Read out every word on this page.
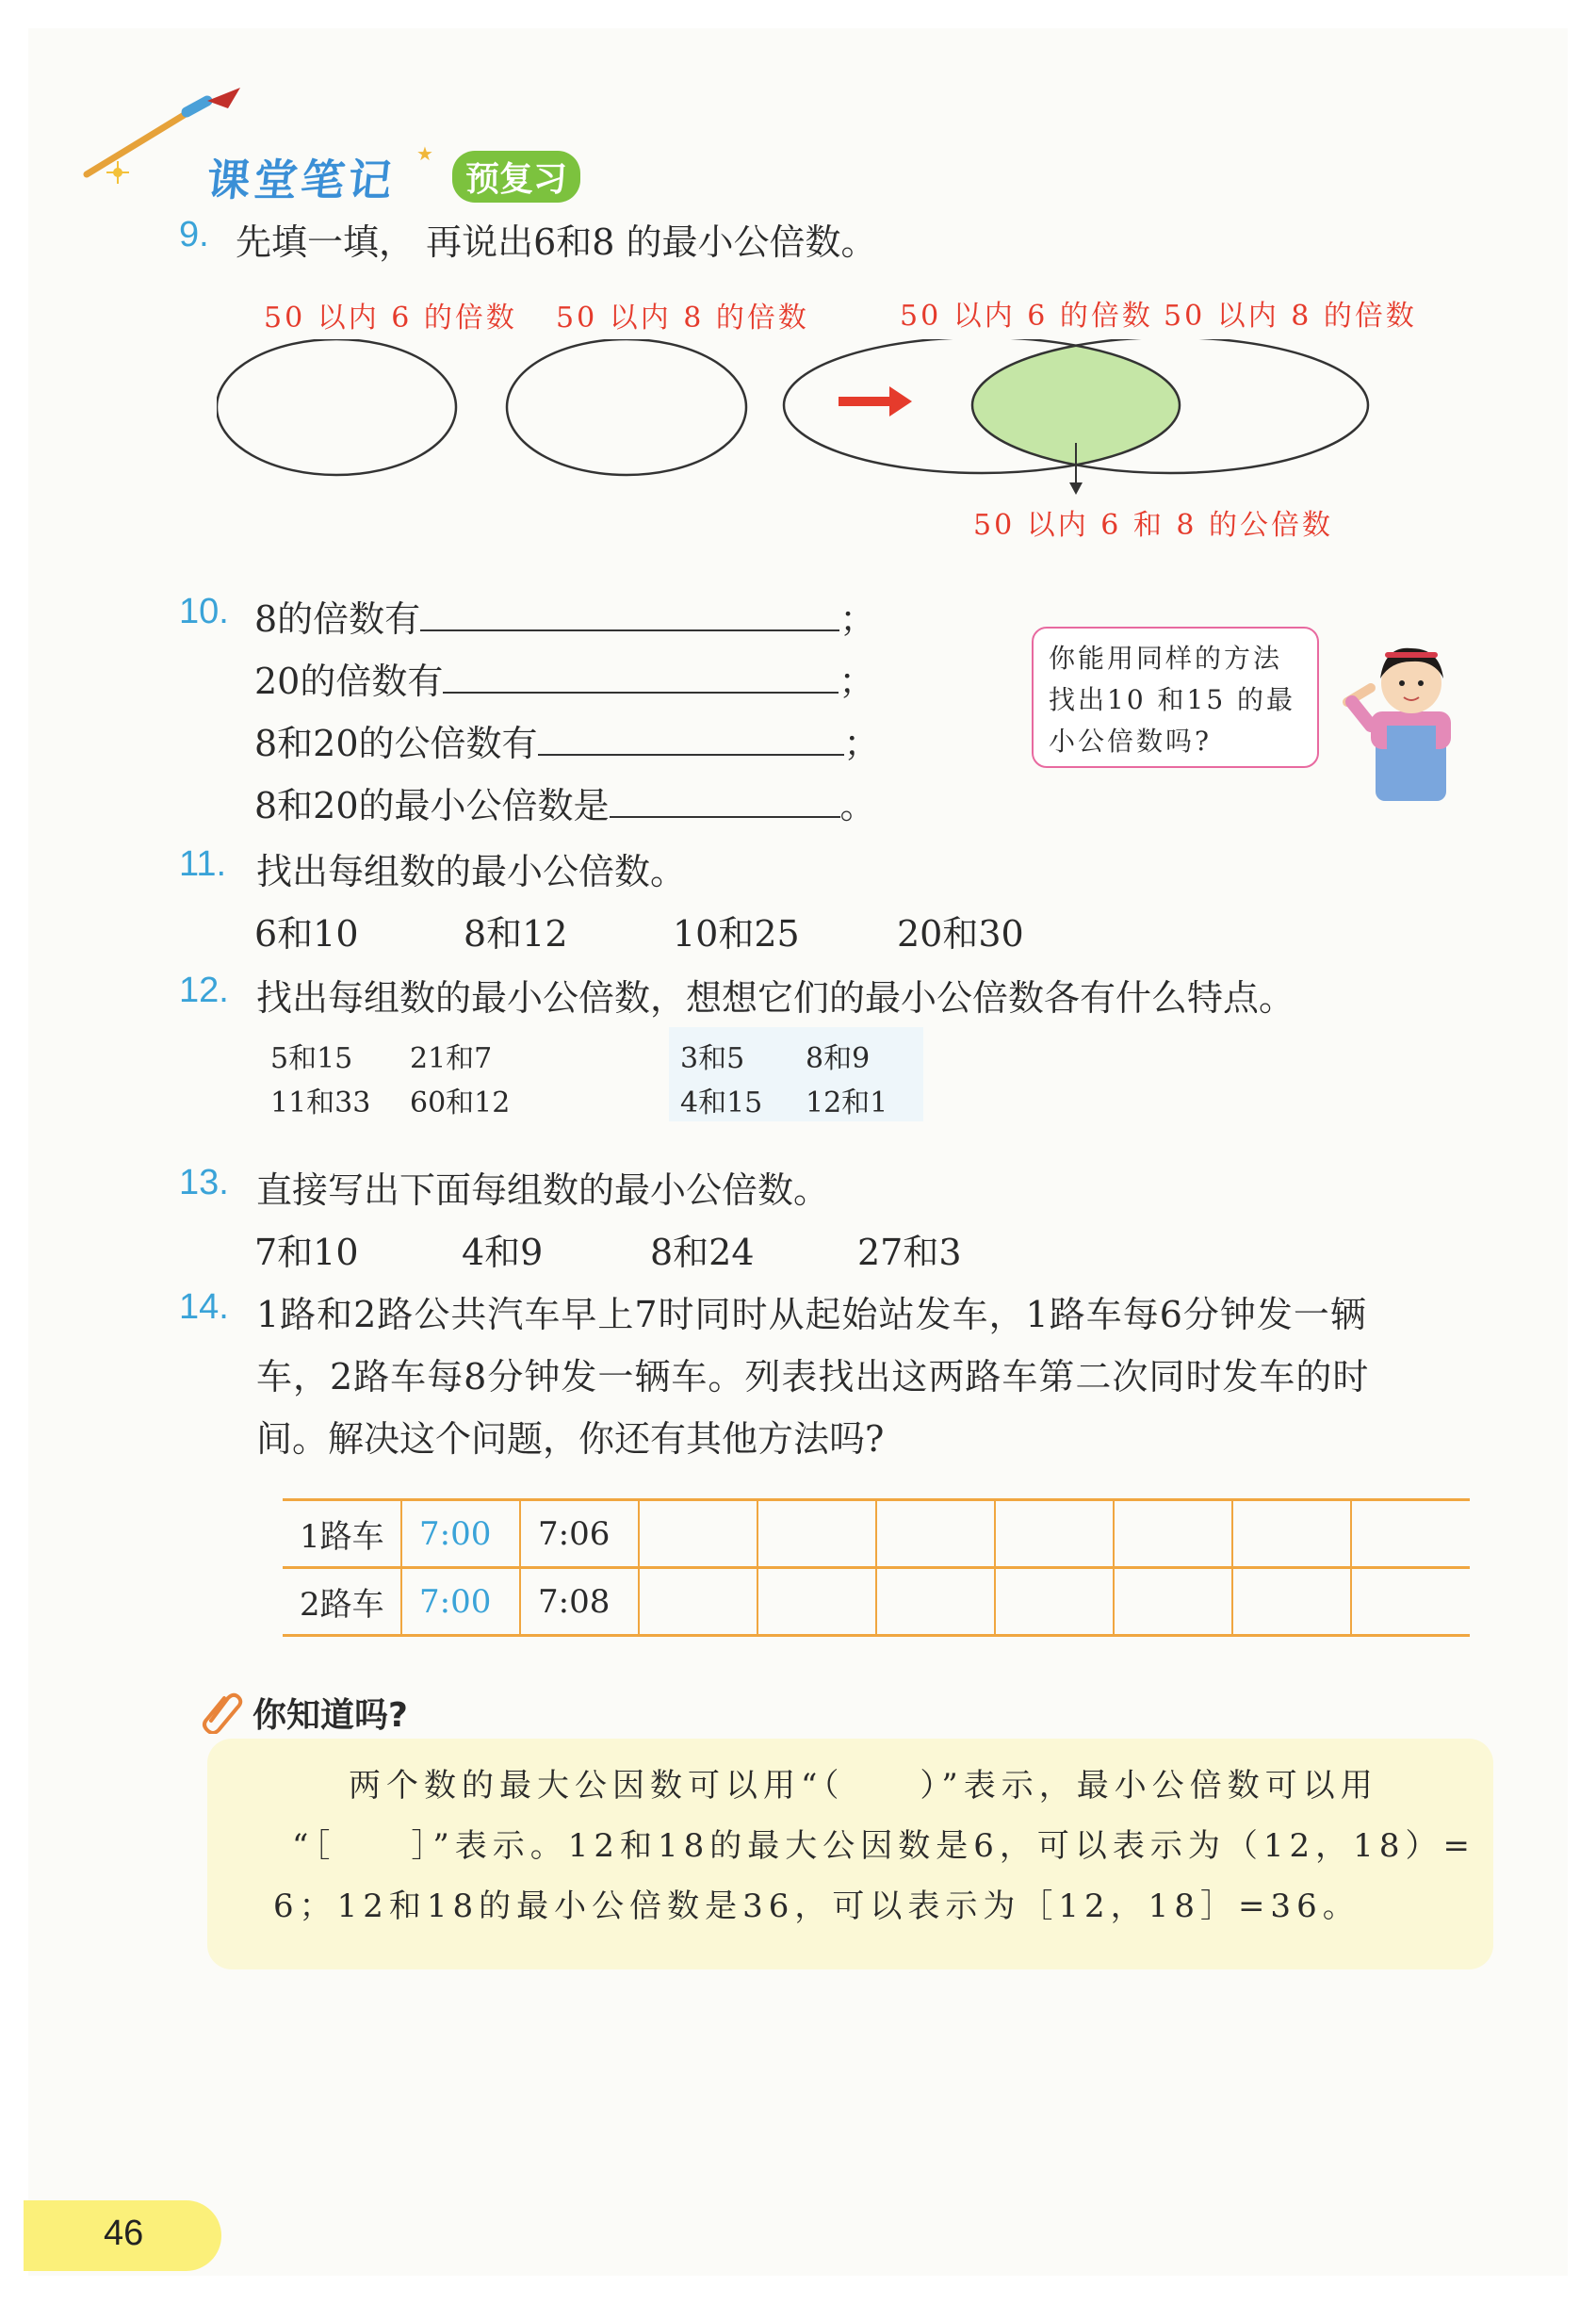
课堂笔记
★
预复习
9. 先填一填， 再说出6和8 的最小公倍数。
50 以内 6 的倍数 50 以内 8 的倍数	50 以内 6 的倍数 50 以内 8 的倍数
50 以内 6 和 8 的公倍数
10. 8的倍数有	；
20的倍数有	；
8和20的公倍数有	；
8和20的最小公倍数是	。
你能用同样的方法
找出10 和15 的最
小公倍数吗?
11. 找出每组数的最小公倍数。
6和10	8和12	10和25	20和30
12. 找出每组数的最小公倍数，想想它们的最小公倍数各有什么特点。
5和15 21和7
11和33 60和12
3和5 8和9
4和15 12和1
13. 直接写出下面每组数的最小公倍数。
7和10	4和9	8和24	27和3
14. 1路和2路公共汽车早上7时同时从起始站发车，1路车每6分钟发一辆
车，2路车每8分钟发一辆车。列表找出这两路车第二次同时发车的时
间。解决这个问题，你还有其他方法吗?
1路车	7:00	7:06							
2路车	7:00	7:08							
你知道吗?
两个数的最大公因数可以用“（　　）”表示，最小公倍数可以用
“［　　］”表示。12和18的最大公因数是6，可以表示为（12，18）=
6；12和18的最小公倍数是36，可以表示为［12，18］=36。
46
